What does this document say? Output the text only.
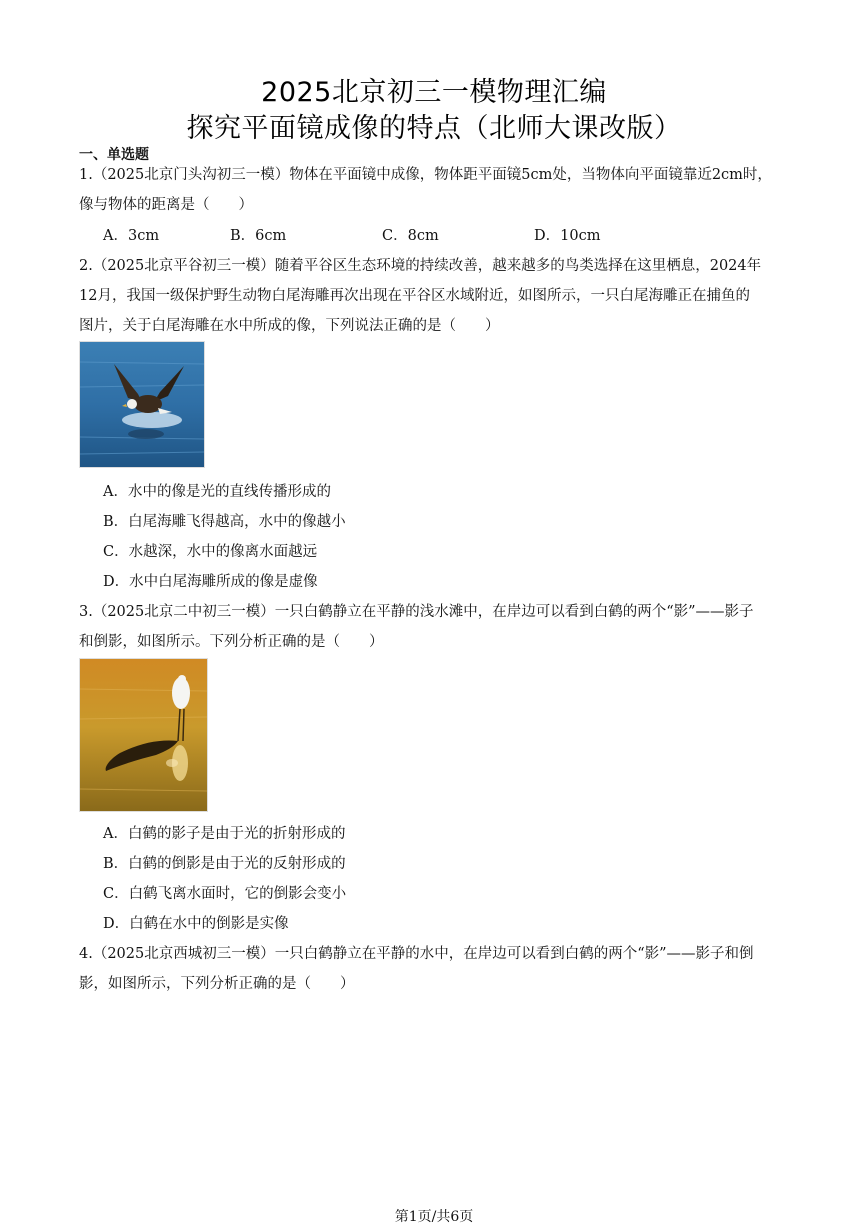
2025北京初三一模物理汇编
探究平面镜成像的特点（北师大课改版）
一、单选题
1.（2025北京门头沟初三一模）物体在平面镜中成像，物体距平面镜5cm处，当物体向平面镜靠近2cm时，
像与物体的距离是（　　）
A．3cm	B．6cm	C．8cm	D．10cm
2.（2025北京平谷初三一模）随着平谷区生态环境的持续改善，越来越多的鸟类选择在这里栖息，2024年
12月，我国一级保护野生动物白尾海雕再次出现在平谷区水域附近，如图所示，一只白尾海雕正在捕鱼的
图片，关于白尾海雕在水中所成的像，下列说法正确的是（　　）
A．水中的像是光的直线传播形成的
B．白尾海雕飞得越高，水中的像越小
C．水越深，水中的像离水面越远
D．水中白尾海雕所成的像是虚像
3.（2025北京二中初三一模）一只白鹤静立在平静的浅水滩中，在岸边可以看到白鹤的两个“影”——影子
和倒影，如图所示。下列分析正确的是（　　）
A．白鹤的影子是由于光的折射形成的
B．白鹤的倒影是由于光的反射形成的
C．白鹤飞离水面时，它的倒影会变小
D．白鹤在水中的倒影是实像
4.（2025北京西城初三一模）一只白鹤静立在平静的水中，在岸边可以看到白鹤的两个“影”——影子和倒
影，如图所示，下列分析正确的是（　　）
第1页/共6页
